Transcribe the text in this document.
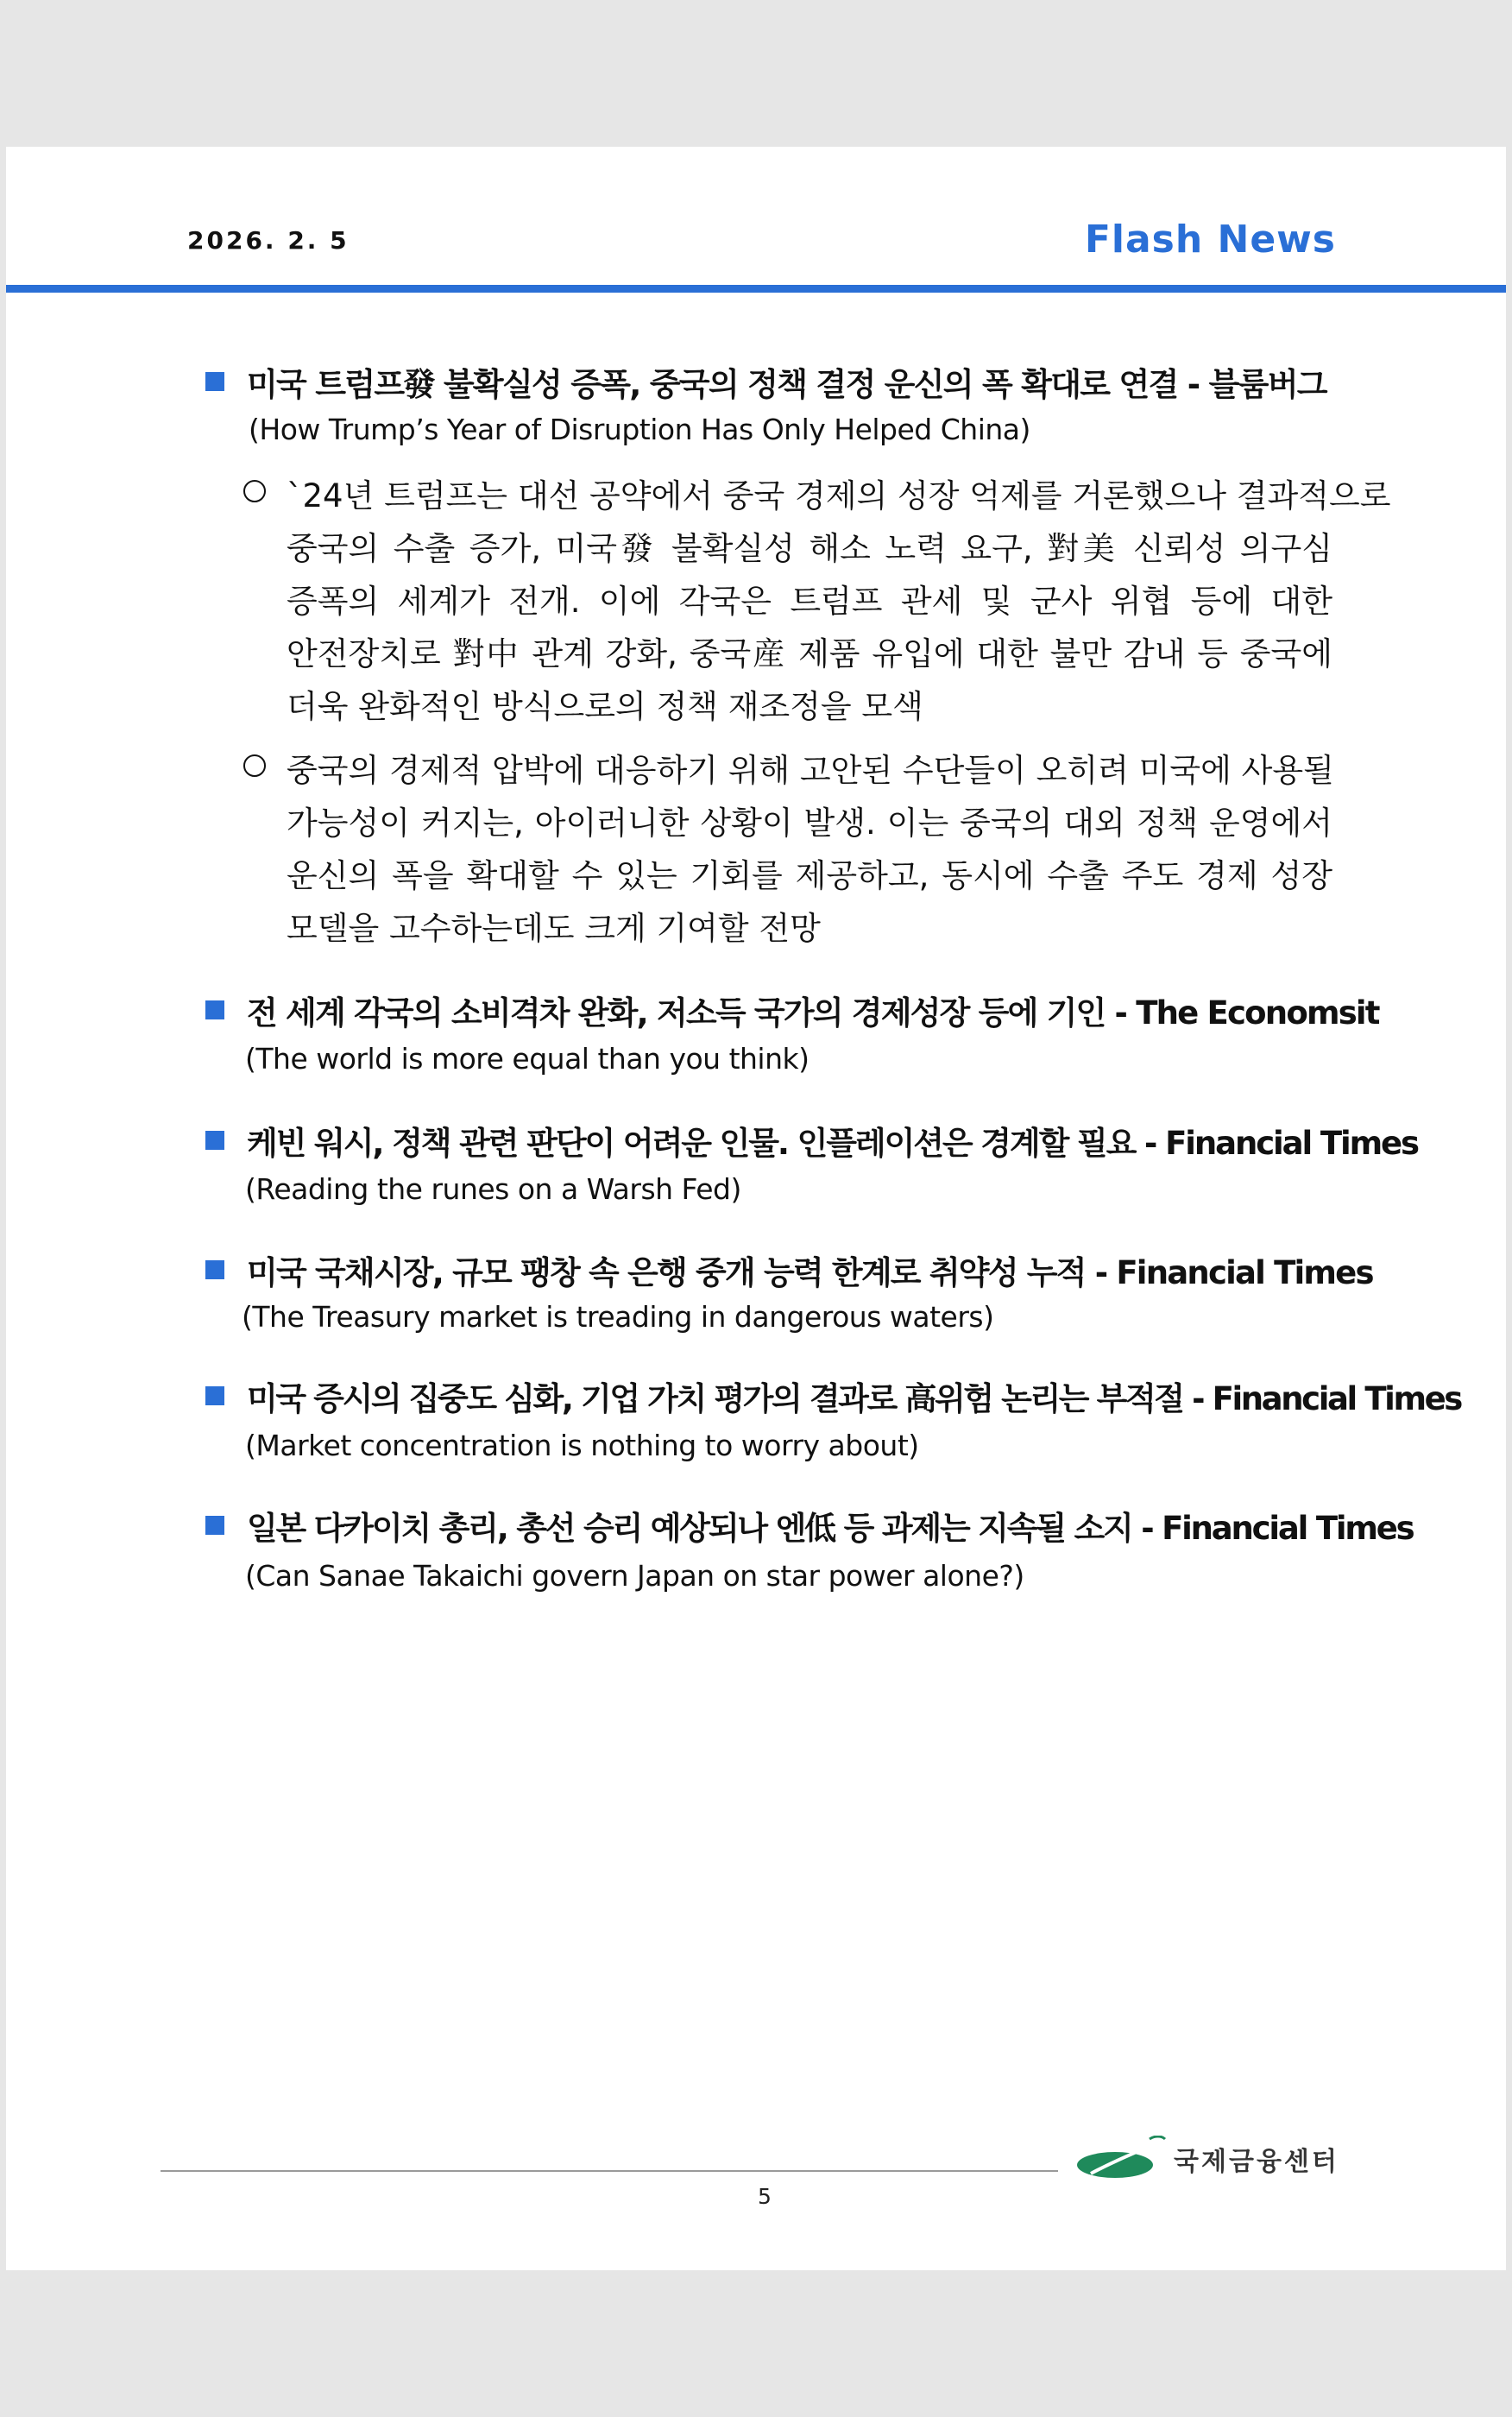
2026. 2. 5	Flash News
미국 트럼프發 불확실성 증폭, 중국의 정책 결정 운신의 폭 확대로 연결 - 블룸버그
(How Trump’s Year of Disruption Has Only Helped China)
`24년 트럼프는 대선 공약에서 중국 경제의 성장 억제를 거론했으나 결과적으로
중국의 수출 증가, 미국發 불확실성 해소 노력 요구, 對美 신뢰성 의구심
증폭의 세계가 전개. 이에 각국은 트럼프 관세 및 군사 위협 등에 대한
안전장치로 對中 관계 강화, 중국産 제품 유입에 대한 불만 감내 등 중국에
더욱 완화적인 방식으로의 정책 재조정을 모색
중국의 경제적 압박에 대응하기 위해 고안된 수단들이 오히려 미국에 사용될
가능성이 커지는, 아이러니한 상황이 발생. 이는 중국의 대외 정책 운영에서
운신의 폭을 확대할 수 있는 기회를 제공하고, 동시에 수출 주도 경제 성장
모델을 고수하는데도 크게 기여할 전망
전 세계 각국의 소비격차 완화, 저소득 국가의 경제성장 등에 기인 - The Economsit
(The world is more equal than you think)
케빈 워시, 정책 관련 판단이 어려운 인물. 인플레이션은 경계할 필요 - Financial Times
(Reading the runes on a Warsh Fed)
미국 국채시장, 규모 팽창 속 은행 중개 능력 한계로 취약성 누적 - Financial Times
(The Treasury market is treading in dangerous waters)
미국 증시의 집중도 심화, 기업 가치 평가의 결과로 高위험 논리는 부적절 - Financial Times
(Market concentration is nothing to worry about)
일본 다카이치 총리, 총선 승리 예상되나 엔低 등 과제는 지속될 소지 - Financial Times
(Can Sanae Takaichi govern Japan on star power alone?)
국제금융센터
5
